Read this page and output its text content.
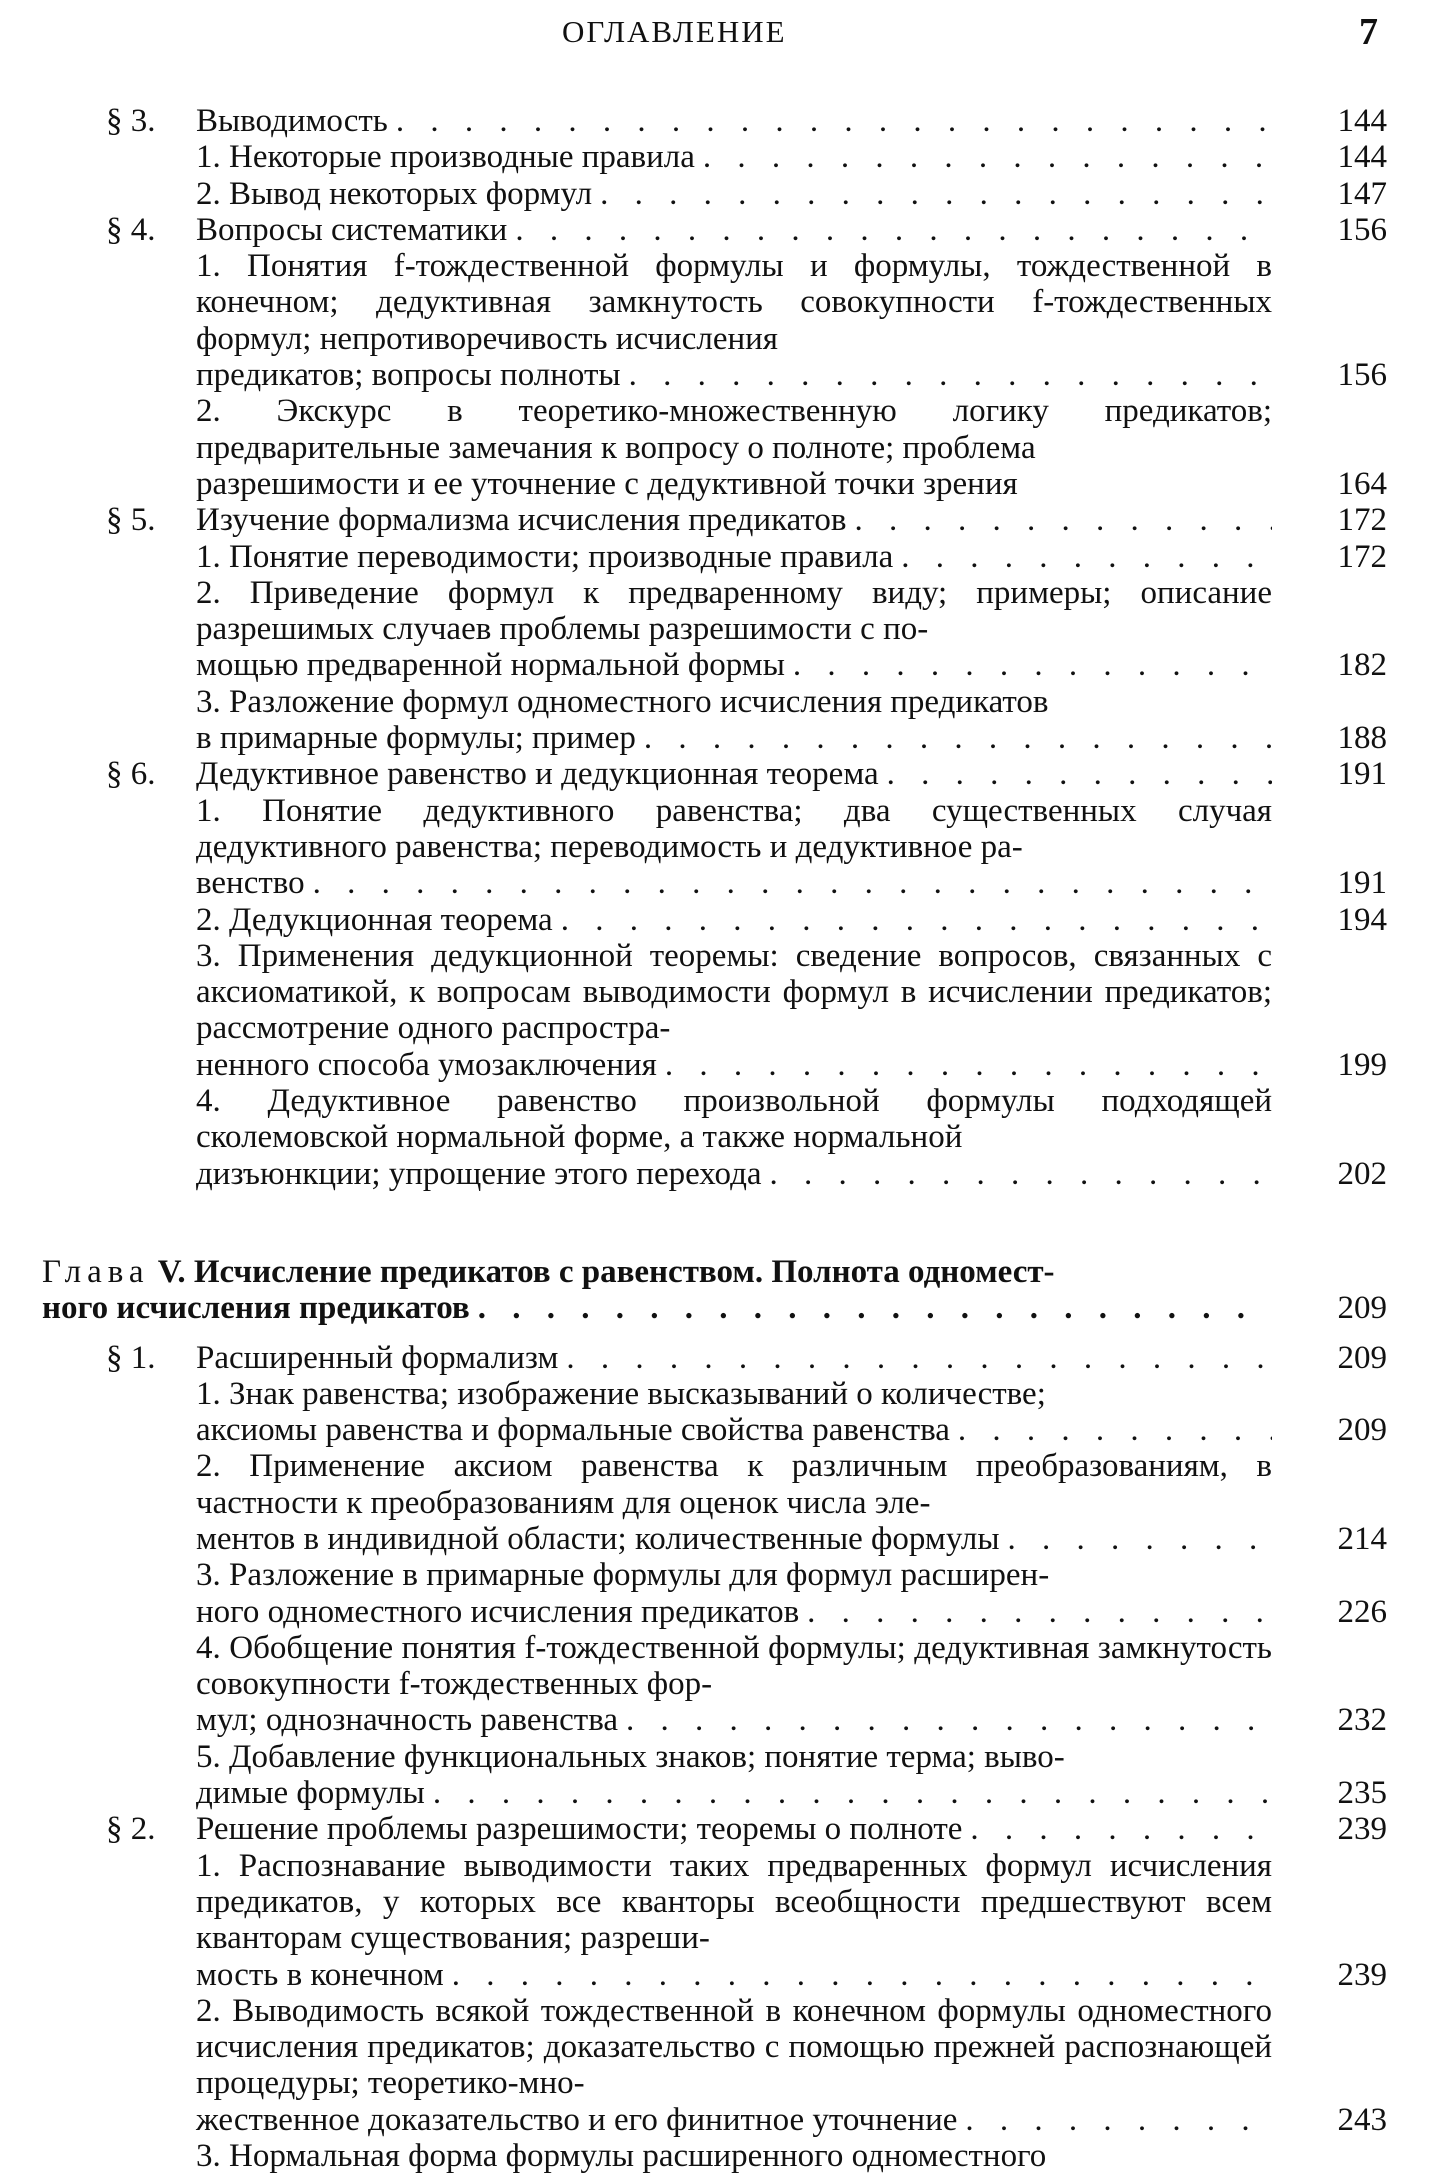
ОГЛАВЛЕНИЕ	7
§ 3. Выводимость . . .	144
1. Некоторые производные правила . . .	144
2. Вывод некоторых формул . . .	147
§ 4. Вопросы систематики . . .	156
1. Понятия f-тождественной формулы и формулы, тождественной в конечном; дедуктивная замкнутость совокупности f-тождественных формул; непротиворечивость исчисления
предикатов; вопросы полноты . . .	156
2. Экскурс в теоретико-множественную логику предикатов; предварительные замечания к вопросу о полноте; проблема
разрешимости и ее уточнение с дедуктивной точки зрения	164
§ 5. Изучение формализма исчисления предикатов . . .	172
1. Понятие переводимости; производные правила . . .	172
2. Приведение формул к предваренному виду; примеры; описание разрешимых случаев проблемы разрешимости с по-
мощью предваренной нормальной формы . . .	182
3. Разложение формул одноместного исчисления предикатов
в примарные формулы; пример . . .	188
§ 6. Дедуктивное равенство и дедукционная теорема . . .	191
1. Понятие дедуктивного равенства; два существенных случая дедуктивного равенства; переводимость и дедуктивное ра-
венство . . .	191
2. Дедукционная теорема . . .	194
3. Применения дедукционной теоремы: сведение вопросов, связанных с аксиоматикой, к вопросам выводимости формул в исчислении предикатов; рассмотрение одного распростра-
ненного способа умозаключения . . .	199
4. Дедуктивное равенство произвольной формулы подходящей сколемовской нормальной форме, а также нормальной
дизъюнкции; упрощение этого перехода . . .	202
Глава V. Исчисление предикатов с равенством. Полнота одномест-
ного исчисления предикатов . . .	209
§ 1. Расширенный формализм . . .	209
1. Знак равенства; изображение высказываний о количестве;
аксиомы равенства и формальные свойства равенства . . .	209
2. Применение аксиом равенства к различным преобразованиям, в частности к преобразованиям для оценок числа эле-
ментов в индивидной области; количественные формулы . . .	214
3. Разложение в примарные формулы для формул расширен-
ного одноместного исчисления предикатов . . .	226
4. Обобщение понятия f-тождественной формулы; дедуктивная замкнутость совокупности f-тождественных фор-
мул; однозначность равенства . . .	232
5. Добавление функциональных знаков; понятие терма; выво-
димые формулы . . .	235
§ 2. Решение проблемы разрешимости; теоремы о полноте . . .	239
1. Распознавание выводимости таких предваренных формул исчисления предикатов, у которых все кванторы всеобщности предшествуют всем кванторам существования; разреши-
мость в конечном . . .	239
2. Выводимость всякой тождественной в конечном формулы одноместного исчисления предикатов; доказательство с помощью прежней распознающей процедуры; теоретико-мно-
жественное доказательство и его финитное уточнение . . .	243
3. Нормальная форма формулы расширенного одноместного
